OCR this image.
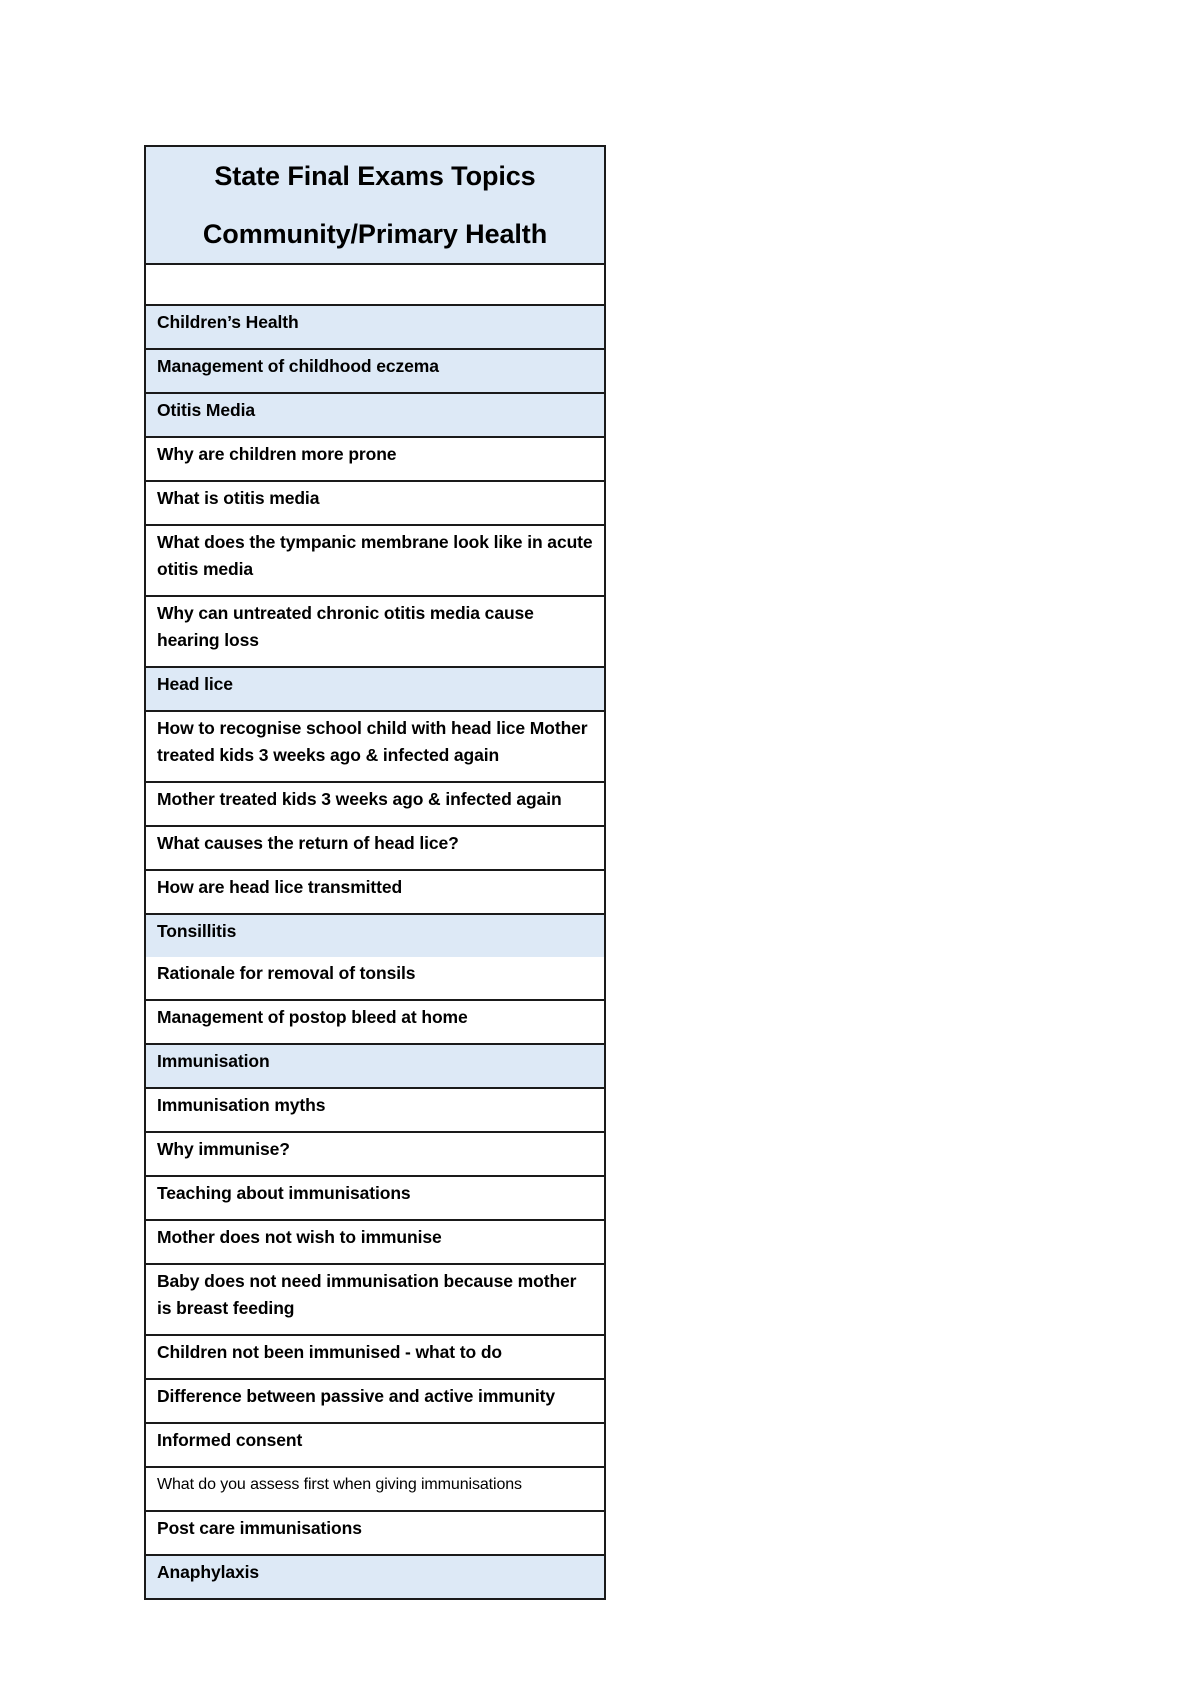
State Final Exams Topics
Community/Primary Health

Children’s Health
Management of childhood eczema
Otitis Media
Why are children more prone
What is otitis media
What does the tympanic membrane look like in acute otitis media
Why can untreated chronic otitis media cause hearing loss
Head lice
How to recognise school child with head lice Mother treated kids 3 weeks ago & infected again
Mother treated kids 3 weeks ago & infected again
What causes the return of head lice?
How are head lice transmitted
Tonsillitis
Rationale for removal of tonsils
Management of postop bleed at home
Immunisation
Immunisation myths
Why immunise?
Teaching about immunisations
Mother does not wish to immunise
Baby does not need immunisation because mother is breast feeding
Children not been immunised - what to do
Difference between passive and active immunity
Informed consent
What do you assess first when giving immunisations
Post care immunisations
Anaphylaxis
